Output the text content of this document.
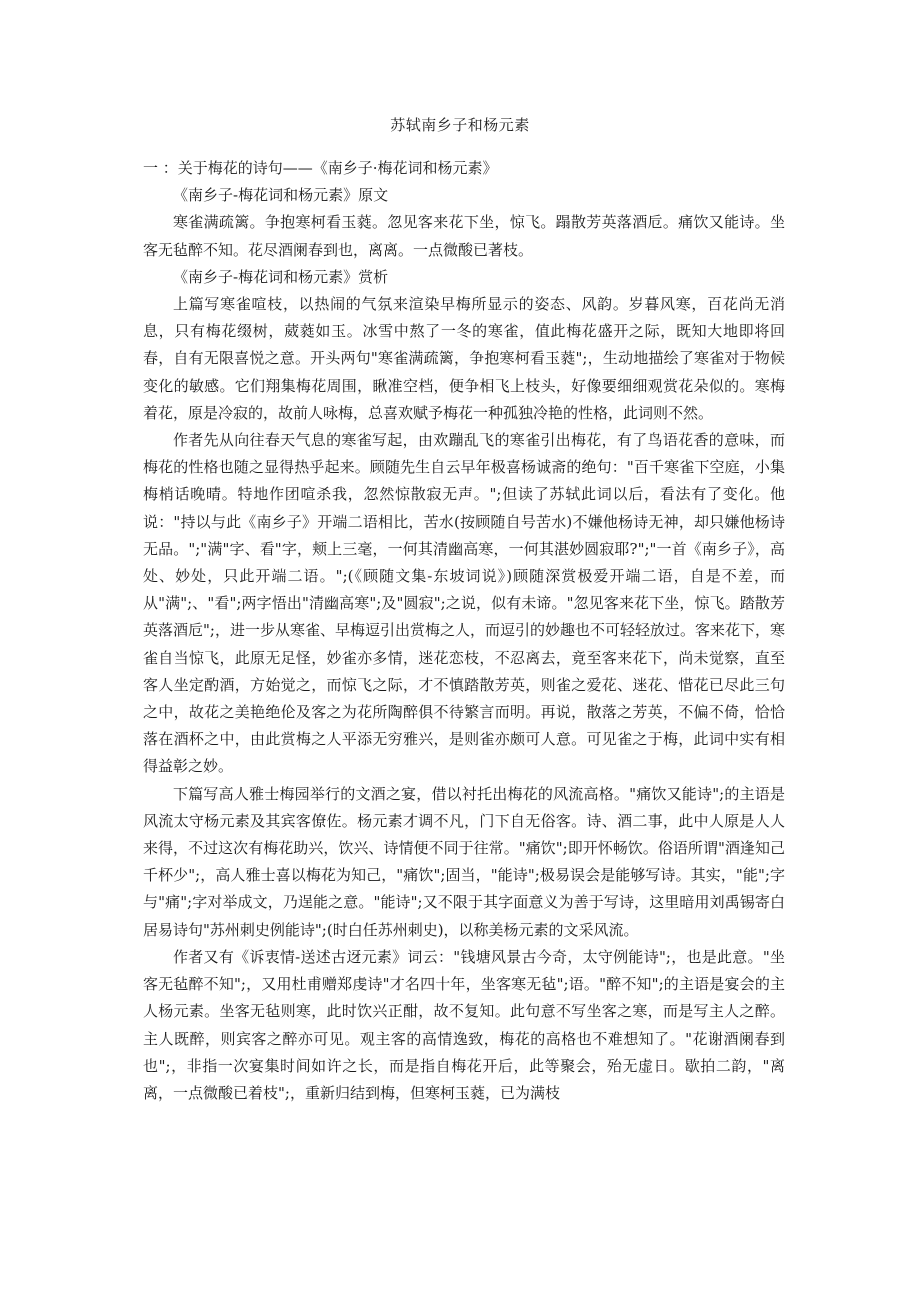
苏轼南乡子和杨元素

一 ：关于梅花的诗句——《南乡子·梅花词和杨元素》

《南乡子-梅花词和杨元素》原文

寒雀满疏篱。争抱寒柯看玉蕤。忽见客来花下坐，惊飞。蹋散芳英落酒卮。痛饮又能诗。坐客无毡醉不知。花尽酒阑春到也，离离。一点微酸已著枝。

《南乡子-梅花词和杨元素》赏析

上篇写寒雀喧枝，以热闹的气氛来渲染早梅所显示的姿态、风韵。岁暮风寒，百花尚无消息，只有梅花缀树，葳蕤如玉。冰雪中熬了一冬的寒雀，值此梅花盛开之际，既知大地即将回春，自有无限喜悦之意。开头两句"寒雀满疏篱，争抱寒柯看玉蕤";，生动地描绘了寒雀对于物候变化的敏感。它们翔集梅花周围，瞅准空档，便争相飞上枝头，好像要细细观赏花朵似的。寒梅着花，原是冷寂的，故前人咏梅，总喜欢赋予梅花一种孤独冷艳的性格，此词则不然。

作者先从向往春天气息的寒雀写起，由欢蹦乱飞的寒雀引出梅花，有了鸟语花香的意味，而梅花的性格也随之显得热乎起来。顾随先生自云早年极喜杨诚斋的绝句："百千寒雀下空庭，小集梅梢话晚晴。特地作团喧杀我，忽然惊散寂无声。";但读了苏轼此词以后，看法有了变化。他说："持以与此《南乡子》开端二语相比，苦水(按顾随自号苦水)不嫌他杨诗无神，却只嫌他杨诗无品。";"满"字、看"字，颊上三毫，一何其清幽高寒，一何其湛妙圆寂耶?";"一首《南乡子》，高处、妙处，只此开端二语。";(《顾随文集-东坡词说》)顾随深赏极爱开端二语，自是不差，而从"满";、"看";两字悟出"清幽高寒";及"圆寂";之说，似有未谛。"忽见客来花下坐，惊飞。踏散芳英落酒卮";，进一步从寒雀、早梅逗引出赏梅之人，而逗引的妙趣也不可轻轻放过。客来花下，寒雀自当惊飞，此原无足怪，妙雀亦多情，迷花恋枝，不忍离去，竟至客来花下，尚未觉察，直至客人坐定酌酒，方始觉之，而惊飞之际，才不慎踏散芳英，则雀之爱花、迷花、惜花已尽此三句之中，故花之美艳绝伦及客之为花所陶醉俱不待繁言而明。再说，散落之芳英，不偏不倚，恰恰落在酒杯之中，由此赏梅之人平添无穷雅兴，是则雀亦颇可人意。可见雀之于梅，此词中实有相得益彰之妙。

下篇写高人雅士梅园举行的文酒之宴，借以衬托出梅花的风流高格。"痛饮又能诗";的主语是风流太守杨元素及其宾客僚佐。杨元素才调不凡，门下自无俗客。诗、酒二事，此中人原是人人来得，不过这次有梅花助兴，饮兴、诗情便不同于往常。"痛饮";即开怀畅饮。俗语所谓"酒逢知己千杯少";，高人雅士喜以梅花为知己，"痛饮";固当，"能诗";极易误会是能够写诗。其实，"能";字与"痛";字对举成文，乃逞能之意。"能诗";又不限于其字面意义为善于写诗，这里暗用刘禹锡寄白居易诗句"苏州刺史例能诗";(时白任苏州刺史)，以称美杨元素的文采风流。

作者又有《诉衷情-送述古迓元素》词云："钱塘风景古今奇，太守例能诗";，也是此意。"坐客无毡醉不知";，又用杜甫赠郑虔诗"才名四十年，坐客寒无毡";语。"醉不知";的主语是宴会的主人杨元素。坐客无毡则寒，此时饮兴正酣，故不复知。此句意不写坐客之寒，而是写主人之醉。主人既醉，则宾客之醉亦可见。观主客的高情逸致，梅花的高格也不难想知了。"花谢酒阑春到也";，非指一次宴集时间如许之长，而是指自梅花开后，此等聚会，殆无虚日。歇拍二韵，"离离，一点微酸已着枝";，重新归结到梅，但寒柯玉蕤，已为满枝
